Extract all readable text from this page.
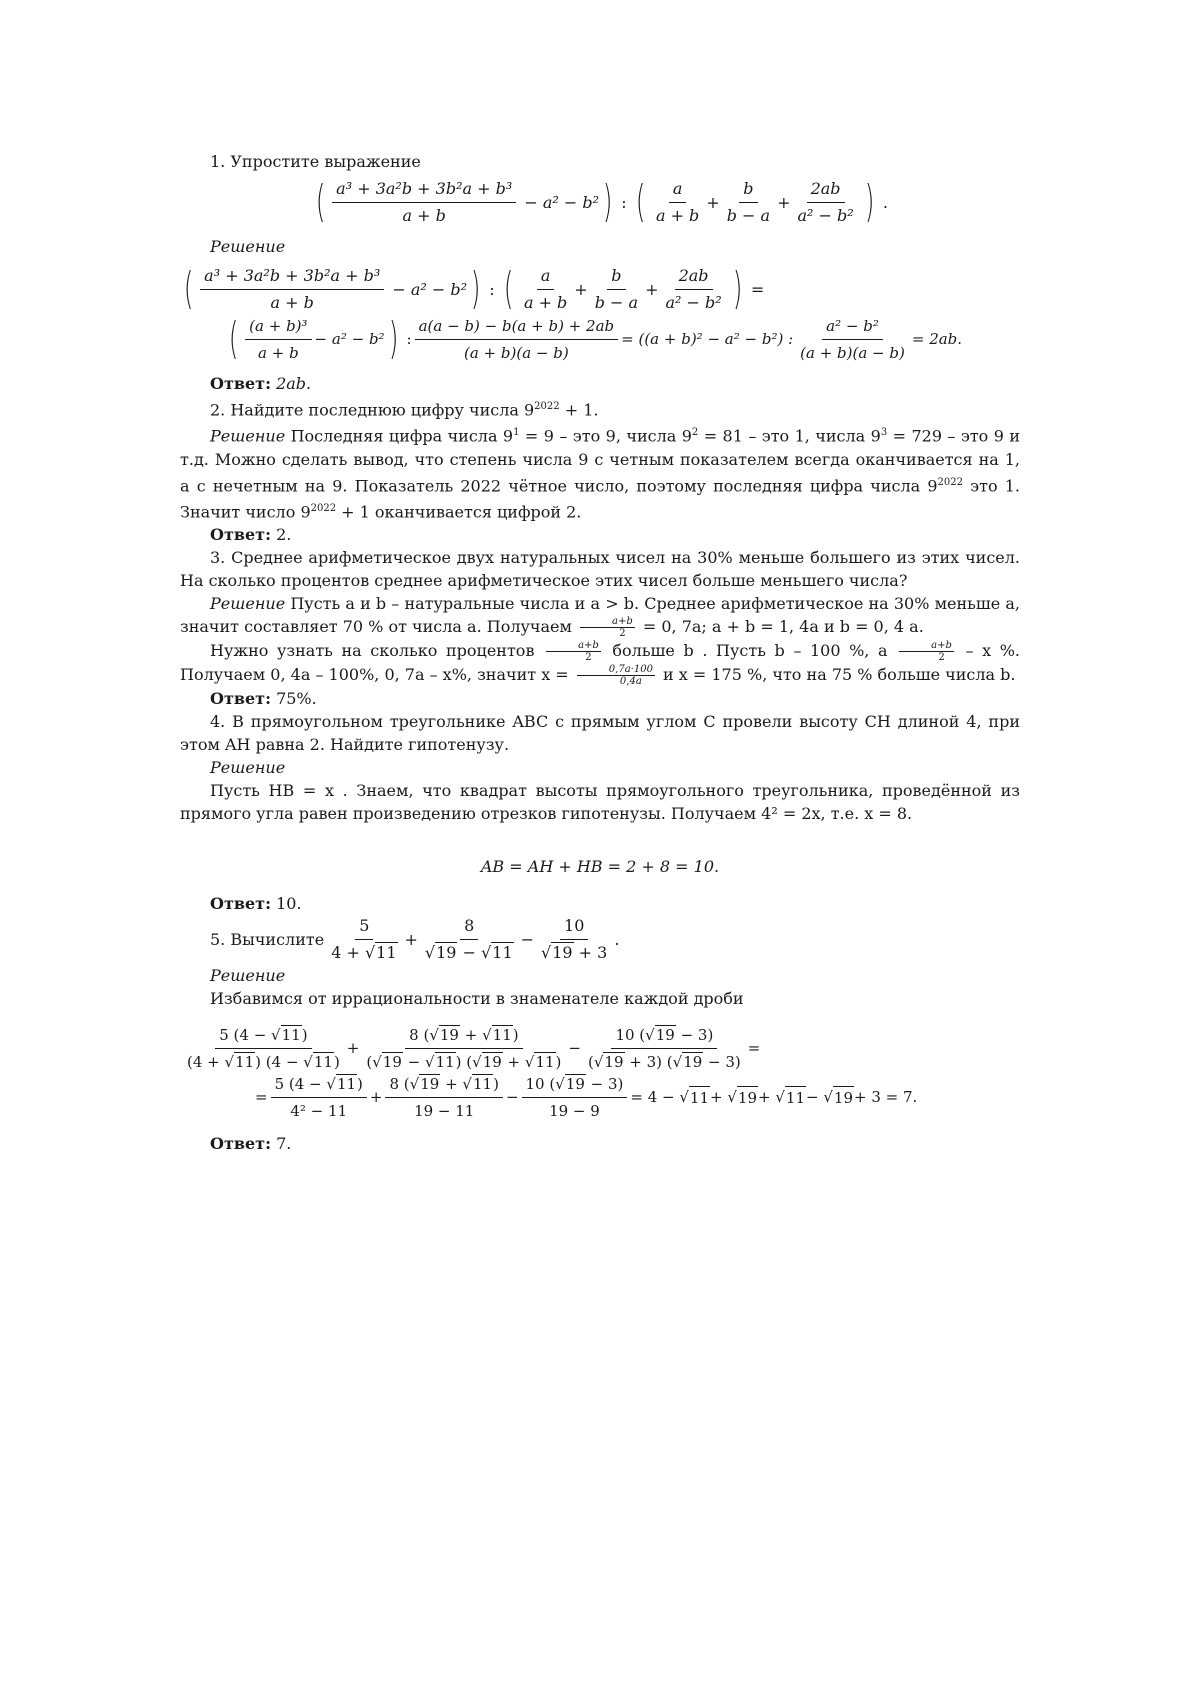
1. Упростите выражение

( $\frac{\text{a³ + 3a²b + 3b²a + b³}}{a + b} - a^2 - b^2$ ) : ( $\frac{a}{a + b} + \frac{b}{b - a} + \frac{2ab}{\text{a² − b²}}$ ) .

Решение

( $\frac{\text{a³ + 3a²b + 3b²a + b³}}{a + b} - a^2 - b^2$ ) : ( $\frac{a}{a + b} + \frac{b}{b - a} + \frac{2ab}{\text{a² − b²}}$ ) =
( $\frac{\text{(a + b)³}}{a + b} - a^2 - b^2$ ) : $\frac{a(a - b) - b(a + b) + 2ab}{(a + b)(a - b)} = ((a + b)^2 - a^2 - b^2)$ : $\frac{\text{a² − b²}}{(a + b)(a - b)} = 2ab$.

Ответ: 2ab.

2. Найдите последнюю цифру числа $9^{2022} + 1$.

Решение Последняя цифра числа $9^1 = 9$ – это 9, числа $9^2 = 81$ – это 1, числа $9^3 = 729$ – это 9 и т.д. Можно сделать вывод, что степень числа 9 с четным показателем всегда оканчивается на 1, а с нечетным на 9. Показатель 2022 чётное число, поэтому последняя цифра числа $9^{2022}$ это 1. Значит число $9^{2022} + 1$ оканчивается цифрой 2.

Ответ: 2.

3. Среднее арифметическое двух натуральных чисел на 30% меньше большего из этих чисел. На сколько процентов среднее арифметическое этих чисел больше меньшего числа?

Решение Пусть a и b – натуральные числа и a > b. Среднее арифметическое на 30% меньше a, значит составляет 70 % от числа a. Получаем $\frac{a+b}{2} = 0$, 7a; a + b = 1, 4a и b = 0, 4 a.

Нужно узнать на сколько процентов $\frac{a+b}{2}$ больше b . Пусть b – 100 %, a $\frac{a+b}{2}$ – x %. Получаем 0, 4a – 100%, 0, 7a – x%, значит $x = \frac{0,7a\cdot 100}{0,4a}$ и x = 175 %, что на 75 % больше числа b.

Ответ: 75%.

4. В прямоугольном треугольнике ABC с прямым углом C провели высоту CH длиной 4, при этом AH равна 2. Найдите гипотенузу.

Решение

Пусть HB = x . Знаем, что квадрат высоты прямоугольного треугольника, проведённой из прямого угла равен произведению отрезков гипотенузы. Получаем 4² = 2x, т.е. x = 8.

AB = AH + HB = 2 + 8 = 10.

Ответ: 10.

5. Вычислите $\frac{5}{4 + √11} + \frac{8}{√19 - √11} - \frac{10}{√19 + 3}$ .

Решение

Избавимся от иррациональности в знаменателе каждой дроби

$\frac{5 (4 - √11)}{(4 + √11) (4 - √11)} + \frac{8 (√19 + √11)}{(√19 - √11) (√19 + √11)} - \frac{10 (√19 - 3)}{(√19 + 3) (√19 - 3)}$ =
= $\frac{5 (4 - √11)}{\text{4² − 11}} + \frac{8 (√19 + √11)}{19 - 11} - \frac{10 (√19 - 3)}{19 - 9} = 4$ − √ 11 + √ 19 + √ 11 − √ 19 + 3 = 7.

Ответ: 7.
